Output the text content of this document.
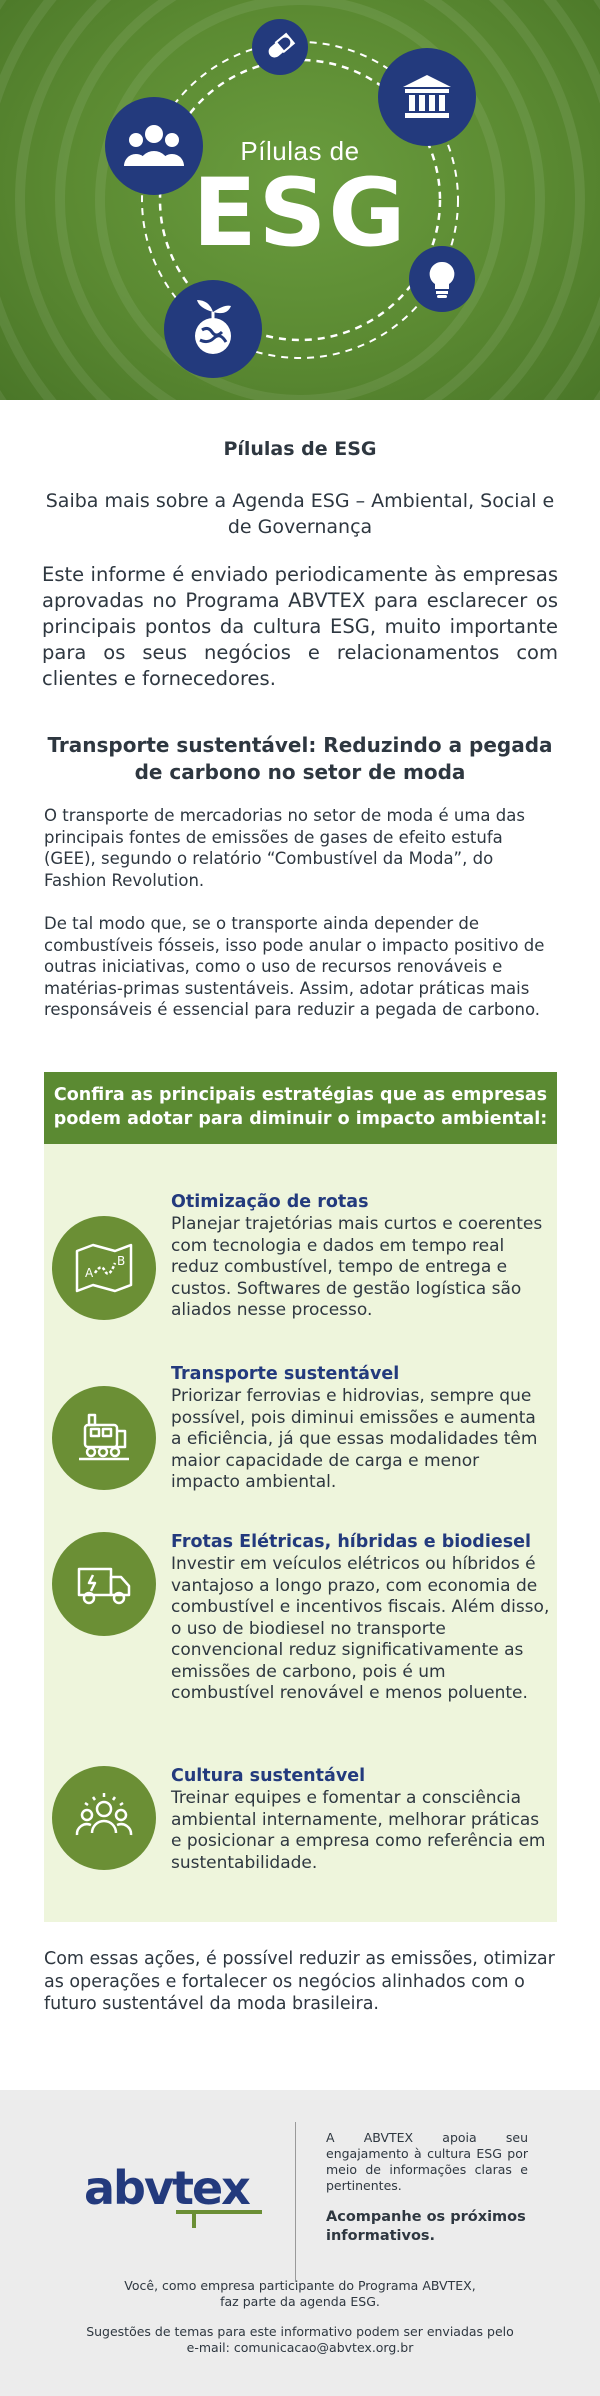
Pílulas de
ESG
Pílulas de ESG
Saiba mais sobre a Agenda ESG – Ambiental, Social e de Governança
Este informe é enviado periodicamente às empresas aprovadas no Programa ABVTEX para esclarecer os principais pontos da cultura ESG, muito importante para os seus negócios e relacionamentos com clientes e fornecedores.
Transporte sustentável: Reduzindo a pegada de carbono no setor de moda
O transporte de mercadorias no setor de moda é uma das principais fontes de emissões de gases de efeito estufa (GEE), segundo o relatório “Combustível da Moda”, do Fashion Revolution.
De tal modo que, se o transporte ainda depender de combustíveis fósseis, isso pode anular o impacto positivo de outras iniciativas, como o uso de recursos renováveis e matérias-primas sustentáveis. Assim, adotar práticas mais responsáveis é essencial para reduzir a pegada de carbono.
Confira as principais estratégias que as empresas podem adotar para diminuir o impacto ambiental:
A
B
Otimização de rotas
Planejar trajetórias mais curtos e coerentes com tecnologia e dados em tempo real reduz combustível, tempo de entrega e custos. Softwares de gestão logística são aliados nesse processo.
Transporte sustentável
Priorizar ferrovias e hidrovias, sempre que possível, pois diminui emissões e aumenta a eficiência, já que essas modalidades têm maior capacidade de carga e menor impacto ambiental.
Frotas Elétricas, híbridas e biodiesel
Investir em veículos elétricos ou híbridos é vantajoso a longo prazo, com economia de combustível e incentivos fiscais. Além disso, o uso de biodiesel no transporte convencional reduz significativamente as emissões de carbono, pois é um combustível renovável e menos poluente.
Cultura sustentável
Treinar equipes e fomentar a consciência ambiental internamente, melhorar práticas e posicionar a empresa como referência em sustentabilidade.
Com essas ações, é possível reduzir as emissões, otimizar as operações e fortalecer os negócios alinhados com o futuro sustentável da moda brasileira.
abvtex
A ABVTEX apoia seu engajamento à cultura ESG por meio de informações claras e pertinentes.
Acompanhe os próximos informativos.
Você, como empresa participante do Programa ABVTEX,
faz parte da agenda ESG.
Sugestões de temas para este informativo podem ser enviadas pelo
e-mail: comunicacao@abvtex.org.br
